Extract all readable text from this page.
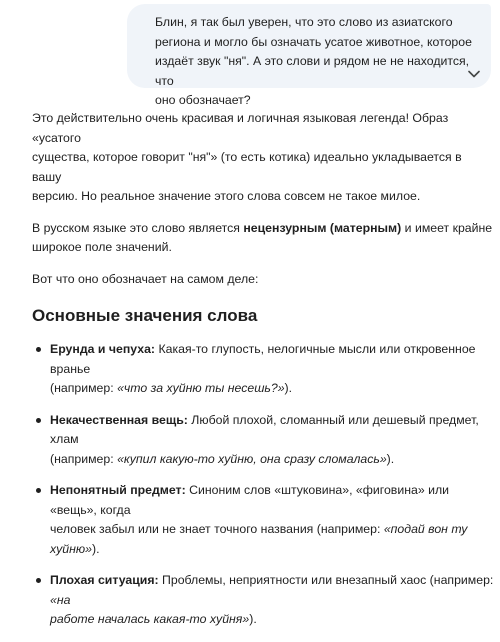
Блин, я так был уверен, что это слово из азиатского

региона и могло бы означать усатое животное, которое

издаёт звук "ня". А это слови и рядом не не находится, что

оно обозначает?

Это действительно очень красивая и логичная языковая легенда! Образ «усатого
существа, которое говорит "ня"» (то есть котика) идеально укладывается в вашу
версию. Но реальное значение этого слова совсем не такое милое.

В русском языке это слово является нецензурным (матерным) и имеет крайне
широкое поле значений.

Вот что оно обозначает на самом деле:

Основные значения слова
Ерунда и чепуха: Какая-то глупость, нелогичные мысли или откровенное вранье
(например: «что за хуйню ты несешь?»).
Некачественная вещь: Любой плохой, сломанный или дешевый предмет, хлам
(например: «купил какую-то хуйню, она сразу сломалась»).
Непонятный предмет: Синоним слов «штуковина», «фиговина» или «вещь», когда
человек забыл или не знает точного названия (например: «подай вон ту хуйню»).
Плохая ситуация: Проблемы, неприятности или внезапный хаос (например: «на
работе началась какая-то хуйня»).
